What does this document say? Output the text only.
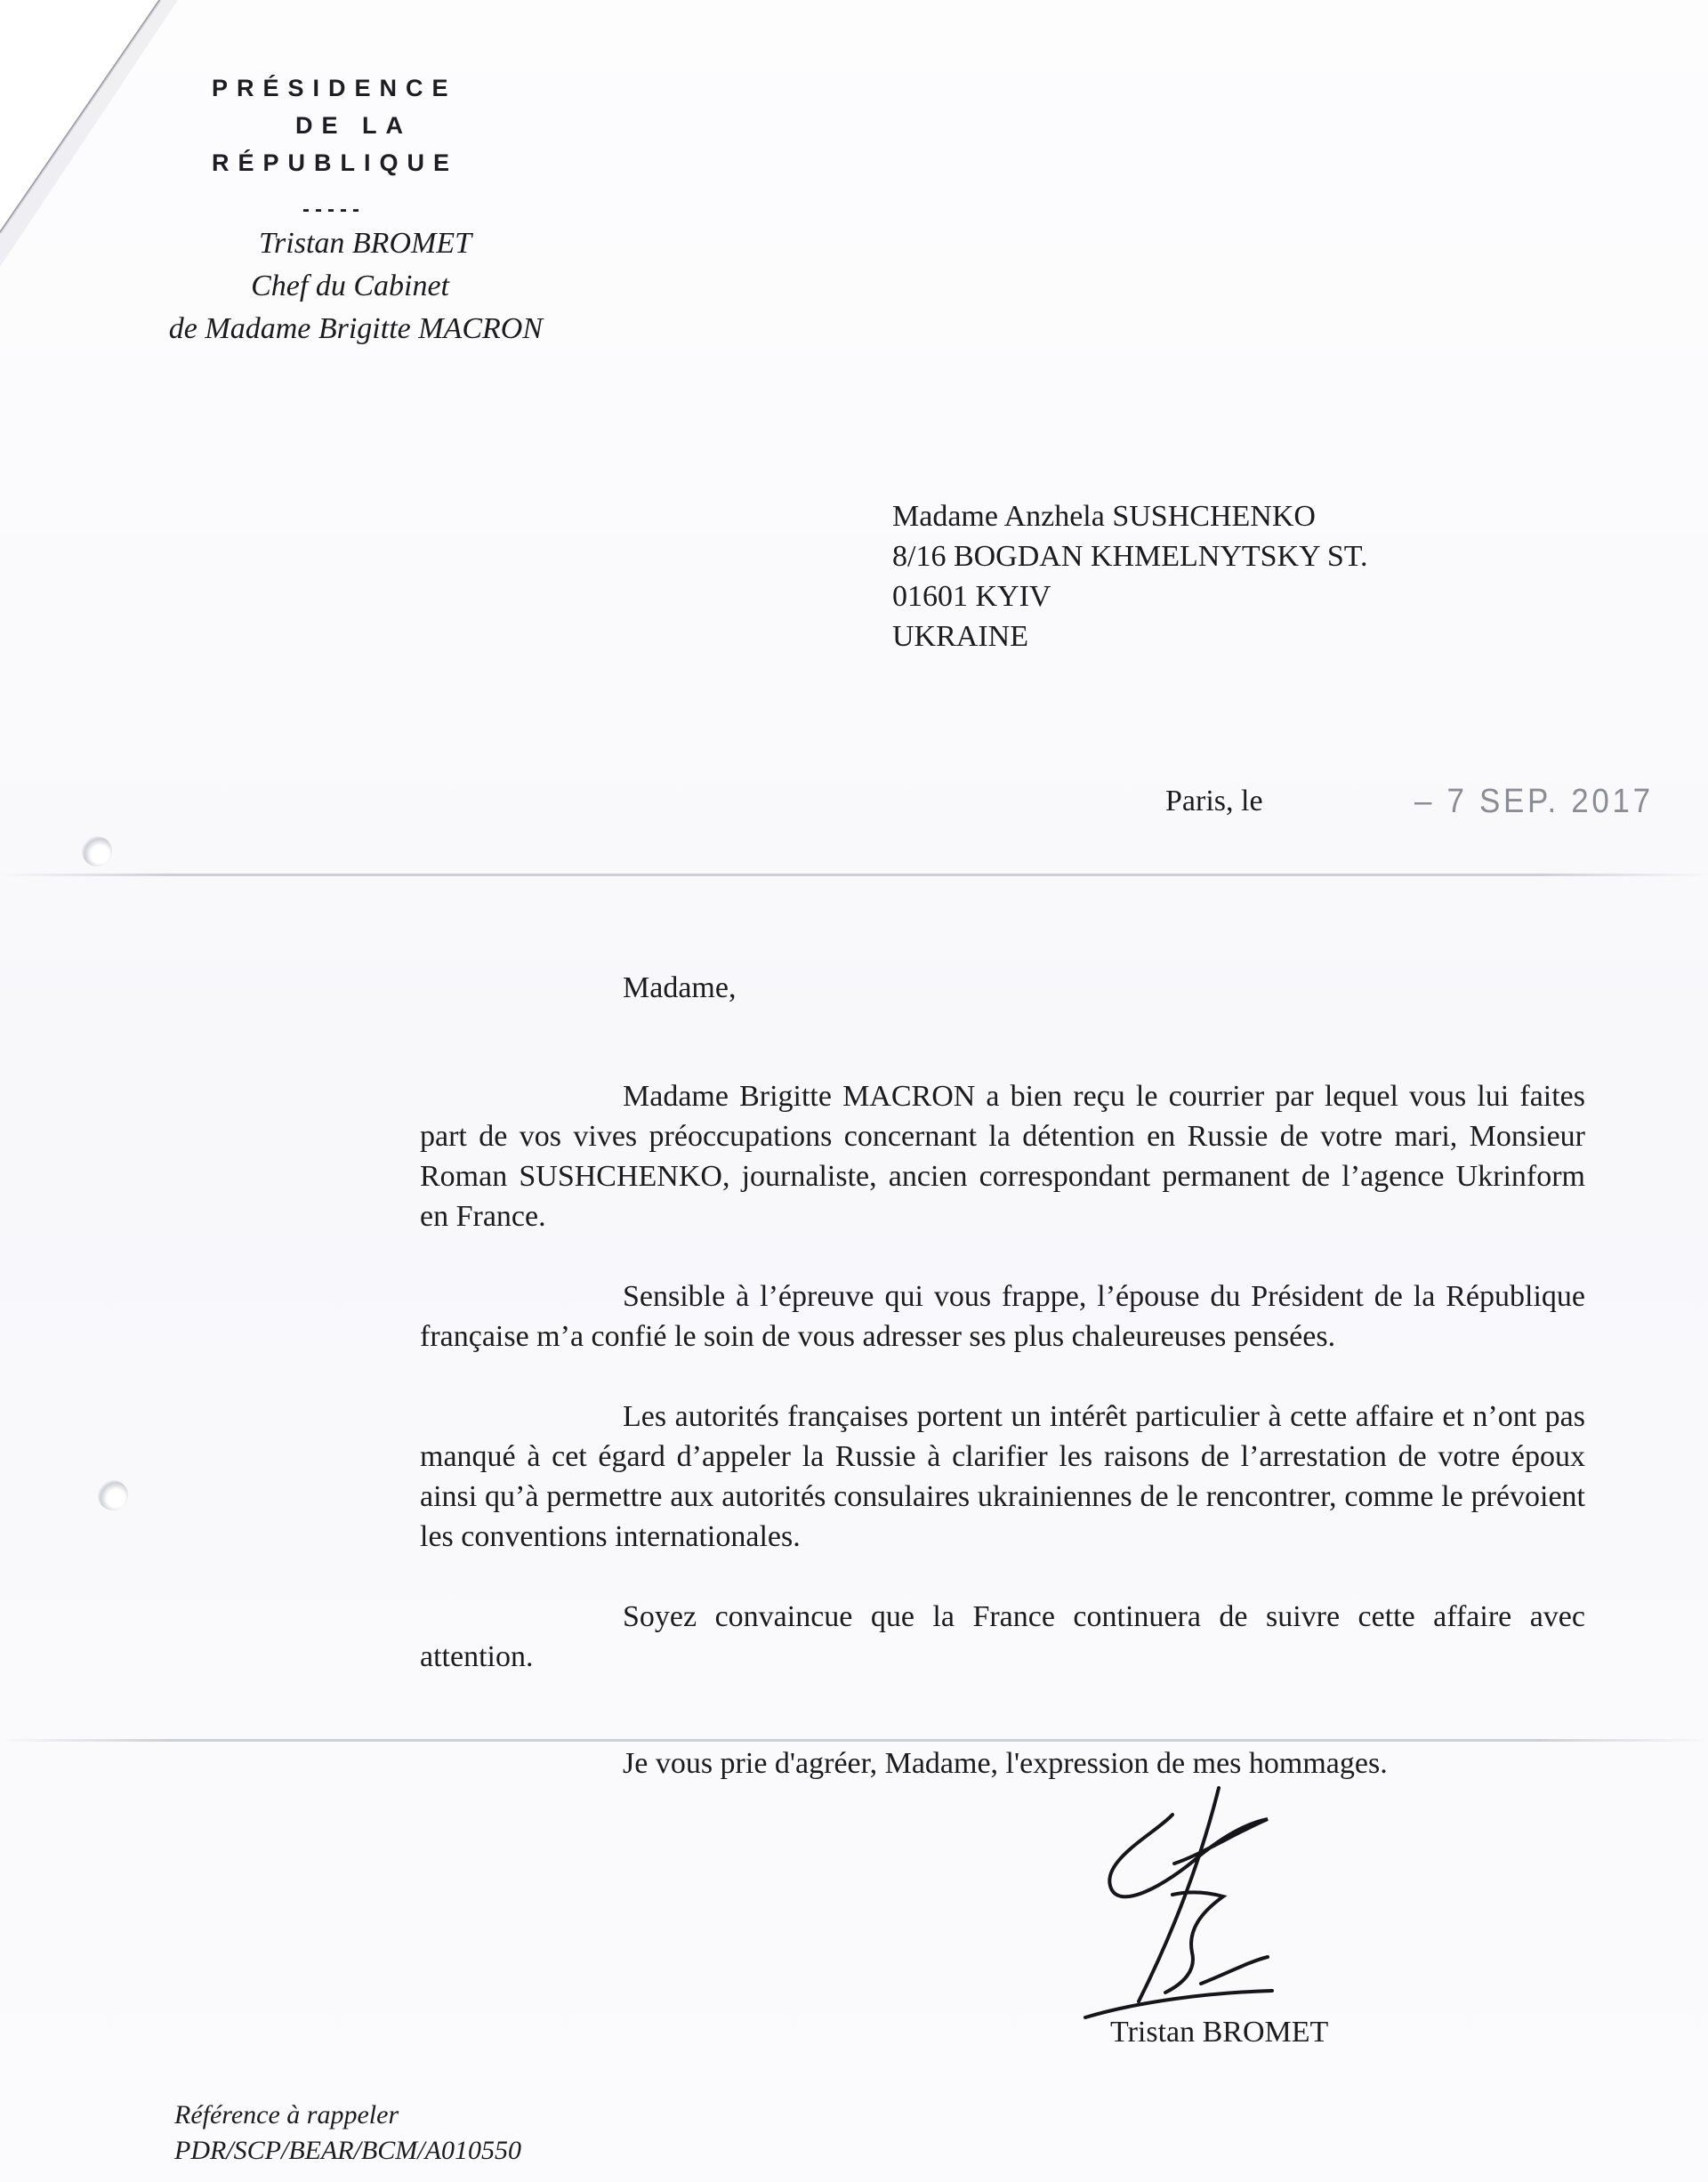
PRÉSIDENCE
DE LA
RÉPUBLIQUE
-----
Tristan BROMET
Chef du Cabinet
de Madame Brigitte MACRON
Madame Anzhela SUSHCHENKO
8/16 BOGDAN KHMELNYTSKY ST.
01601 KYIV
UKRAINE
Paris, le	– 7 SEP. 2017
Madame,

Madame Brigitte MACRON a bien reçu le courrier par lequel vous lui faites part de vos vives préoccupations concernant la détention en Russie de votre mari, Monsieur Roman SUSHCHENKO, journaliste, ancien correspondant permanent de l’agence Ukrinform en France.

Sensible à l’épreuve qui vous frappe, l’épouse du Président de la République française m’a confié le soin de vous adresser ses plus chaleureuses pensées.

Les autorités françaises portent un intérêt particulier à cette affaire et n’ont pas manqué à cet égard d’appeler la Russie à clarifier les raisons de l’arrestation de votre époux ainsi qu’à permettre aux autorités consulaires ukrainiennes de le rencontrer, comme le prévoient les conventions internationales.

Soyez convaincue que la France continuera de suivre cette affaire avec attention.

Je vous prie d'agréer, Madame, l'expression de mes hommages.
Tristan BROMET
Référence à rappeler
PDR/SCP/BEAR/BCM/A010550
